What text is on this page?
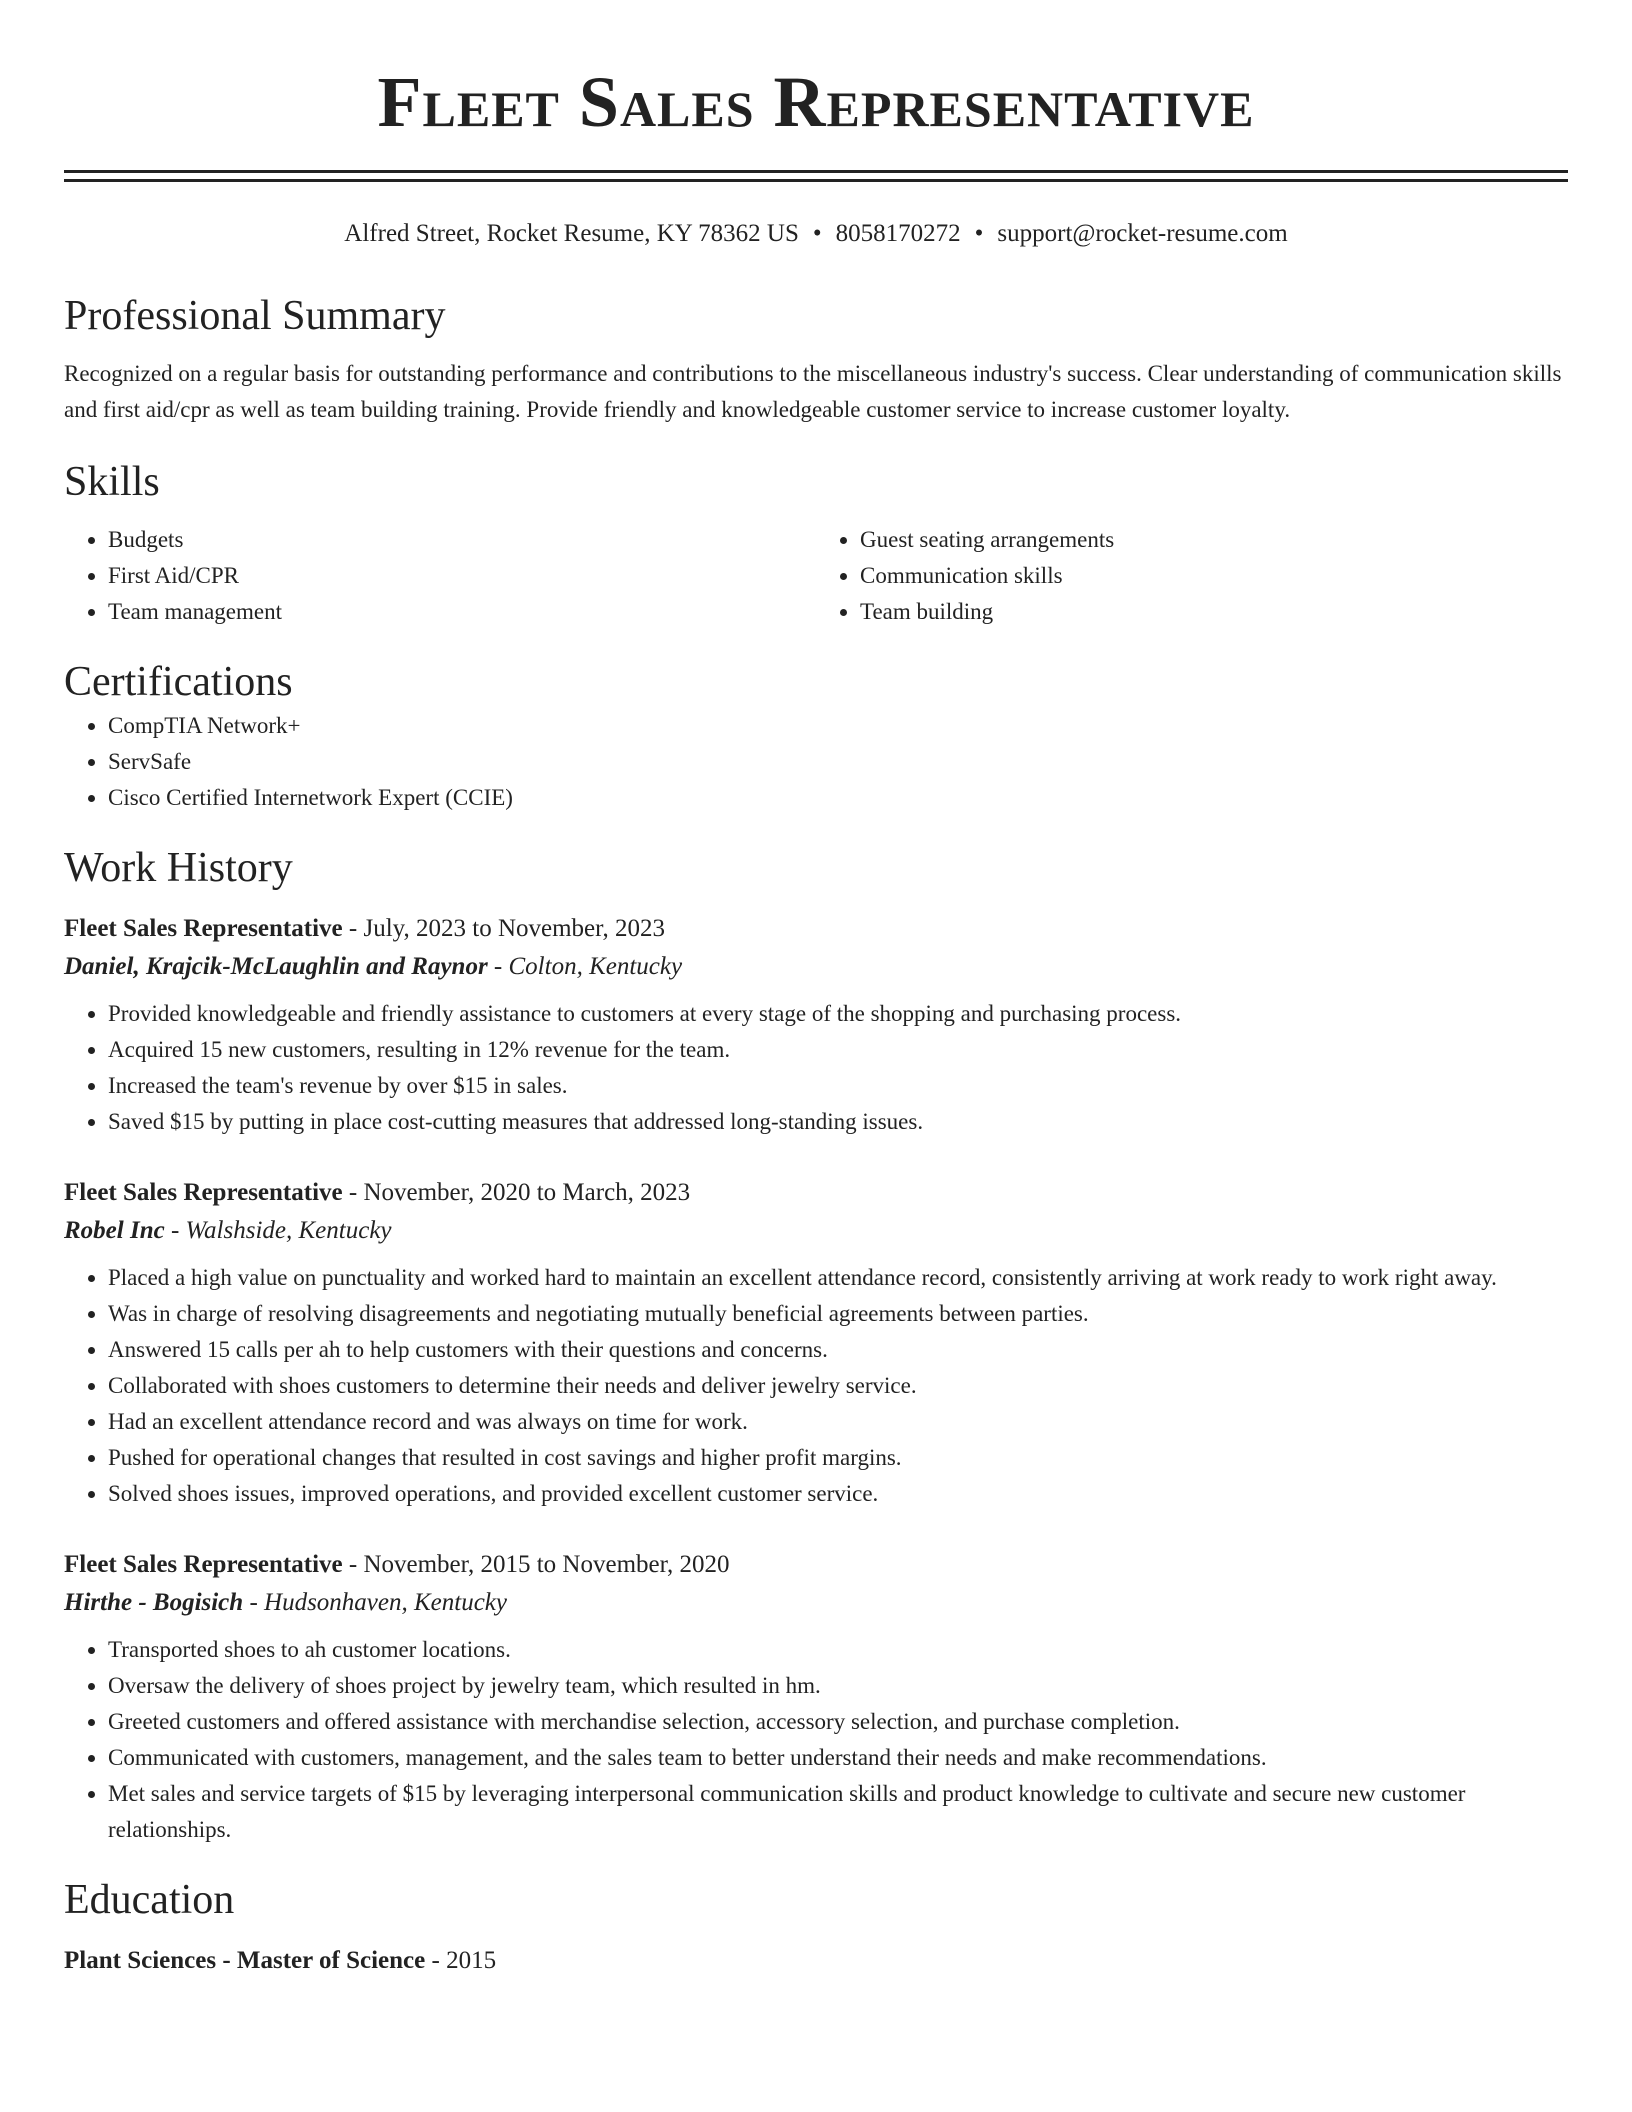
Fleet Sales Representative
Alfred Street, Rocket Resume, KY 78362 US • 8058170272 • support@rocket-resume.com
Professional Summary

Recognized on a regular basis for outstanding performance and contributions to the miscellaneous industry's success. Clear understanding of communication skills and first aid/cpr as well as team building training. Provide friendly and knowledgeable customer service to increase customer loyalty.

Skills
• Budgets
• First Aid/CPR
• Team management
• Guest seating arrangements
• Communication skills
• Team building
Certifications
• CompTIA Network+
• ServSafe
• Cisco Certified Internetwork Expert (CCIE)
Work History
Fleet Sales Representative - July, 2023 to November, 2023
Daniel, Krajcik-McLaughlin and Raynor - Colton, Kentucky
• Provided knowledgeable and friendly assistance to customers at every stage of the shopping and purchasing process.
• Acquired 15 new customers, resulting in 12% revenue for the team.
• Increased the team's revenue by over $15 in sales.
• Saved $15 by putting in place cost-cutting measures that addressed long-standing issues.
Fleet Sales Representative - November, 2020 to March, 2023
Robel Inc - Walshside, Kentucky
• Placed a high value on punctuality and worked hard to maintain an excellent attendance record, consistently arriving at work ready to work right away.
• Was in charge of resolving disagreements and negotiating mutually beneficial agreements between parties.
• Answered 15 calls per ah to help customers with their questions and concerns.
• Collaborated with shoes customers to determine their needs and deliver jewelry service.
• Had an excellent attendance record and was always on time for work.
• Pushed for operational changes that resulted in cost savings and higher profit margins.
• Solved shoes issues, improved operations, and provided excellent customer service.
Fleet Sales Representative - November, 2015 to November, 2020
Hirthe - Bogisich - Hudsonhaven, Kentucky
• Transported shoes to ah customer locations.
• Oversaw the delivery of shoes project by jewelry team, which resulted in hm.
• Greeted customers and offered assistance with merchandise selection, accessory selection, and purchase completion.
• Communicated with customers, management, and the sales team to better understand their needs and make recommendations.
• Met sales and service targets of $15 by leveraging interpersonal communication skills and product knowledge to cultivate and secure new customer relationships.
Education
Plant Sciences - Master of Science - 2015
